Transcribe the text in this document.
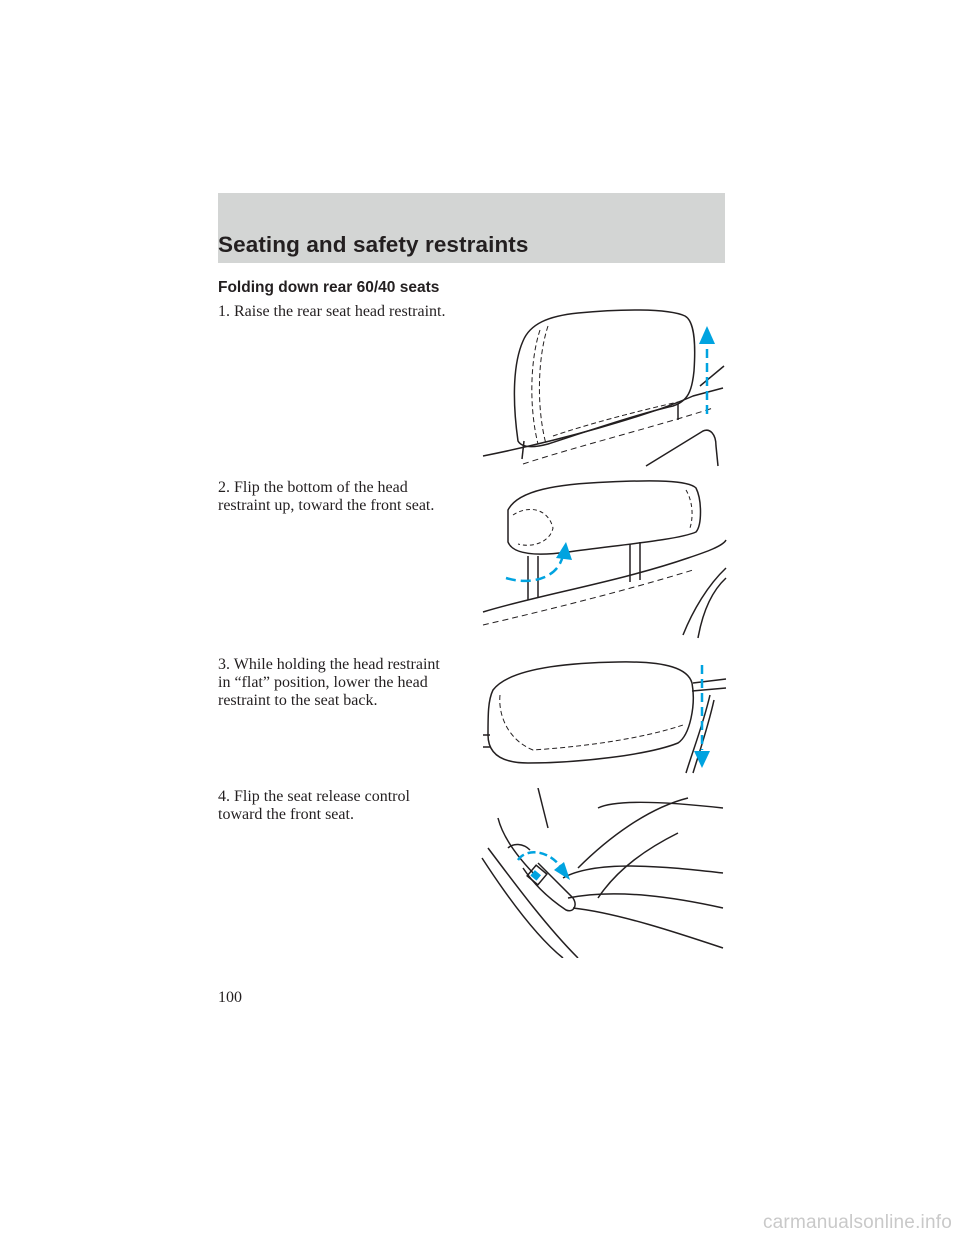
Seating and safety restraints
Folding down rear 60/40 seats
1. Raise the rear seat head restraint.
2. Flip the bottom of the head
restraint up, toward the front seat.
3. While holding the head restraint
in “flat” position, lower the head
restraint to the seat back.
4. Flip the seat release control
toward the front seat.
100
carmanualsonline.info
